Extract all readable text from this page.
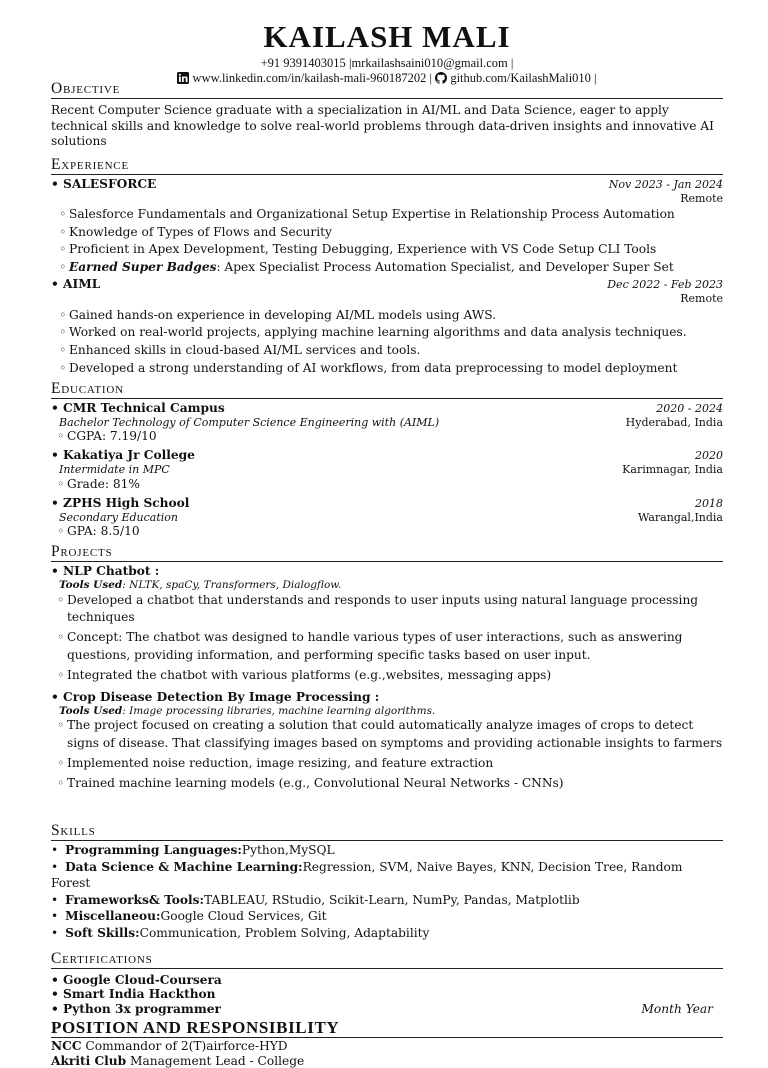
KAILASH MALI
+91 9391403015 |mrkailashsaini010@gmail.com |
www.linkedin.com/in/kailash-mali-960187202 |  github.com/KailashMali010 |
Objective
Recent Computer Science graduate with a specialization in AI/ML and Data Science, eager to apply technical skills and knowledge to solve real-world problems through data-driven insights and innovative AI solutions
Experience
• SALESFORCE	Nov 2023 - Jan 2024
Remote
◦ Salesforce Fundamentals and Organizational Setup Expertise in Relationship Process Automation
◦ Knowledge of Types of Flows and Security
◦ Proficient in Apex Development, Testing Debugging, Experience with VS Code Setup CLI Tools
◦ Earned Super Badges: Apex Specialist Process Automation Specialist, and Developer Super Set
• AIML	Dec 2022 - Feb 2023
Remote
◦ Gained hands-on experience in developing AI/ML models using AWS.
◦ Worked on real-world projects, applying machine learning algorithms and data analysis techniques.
◦ Enhanced skills in cloud-based AI/ML services and tools.
◦ Developed a strong understanding of AI workflows, from data preprocessing to model deployment
Education
• CMR Technical Campus	2020 - 2024
Bachelor Technology of Computer Science Engineering with (AIML)	Hyderabad, India
◦ CGPA: 7.19/10
• Kakatiya Jr College	2020
Intermidate in MPC	Karimnagar, India
◦ Grade: 81%
• ZPHS High School	2018
Secondary Education	Warangal,India
◦ GPA: 8.5/10
Projects
• NLP Chatbot :
Tools Used: NLTK, spaCy, Transformers, Dialogflow.
◦ Developed a chatbot that understands and responds to user inputs using natural language processing techniques
◦ Concept: The chatbot was designed to handle various types of user interactions, such as answering questions, providing information, and performing specific tasks based on user input.
◦ Integrated the chatbot with various platforms (e.g.,websites, messaging apps)
• Crop Disease Detection By Image Processing :
Tools Used: Image processing libraries, machine learning algorithms.
◦ The project focused on creating a solution that could automatically analyze images of crops to detect signs of disease. That classifying images based on symptoms and providing actionable insights to farmers
◦ Implemented noise reduction, image resizing, and feature extraction
◦ Trained machine learning models (e.g., Convolutional Neural Networks - CNNs)
Skills
• Programming Languages:Python,MySQL
• Data Science & Machine Learning:Regression, SVM, Naive Bayes, KNN, Decision Tree, Random Forest
• Frameworks& Tools:TABLEAU, RStudio, Scikit-Learn, NumPy, Pandas, Matplotlib
• Miscellaneou:Google Cloud Services, Git
• Soft Skills:Communication, Problem Solving, Adaptability
Certifications
• Google Cloud-Coursera
• Smart India Hackthon
• Python 3x programmer	Month Year
POSITION AND RESPONSIBILITY
NCC Commandor of 2(T)airforce-HYD
Akriti Club Management Lead - College
